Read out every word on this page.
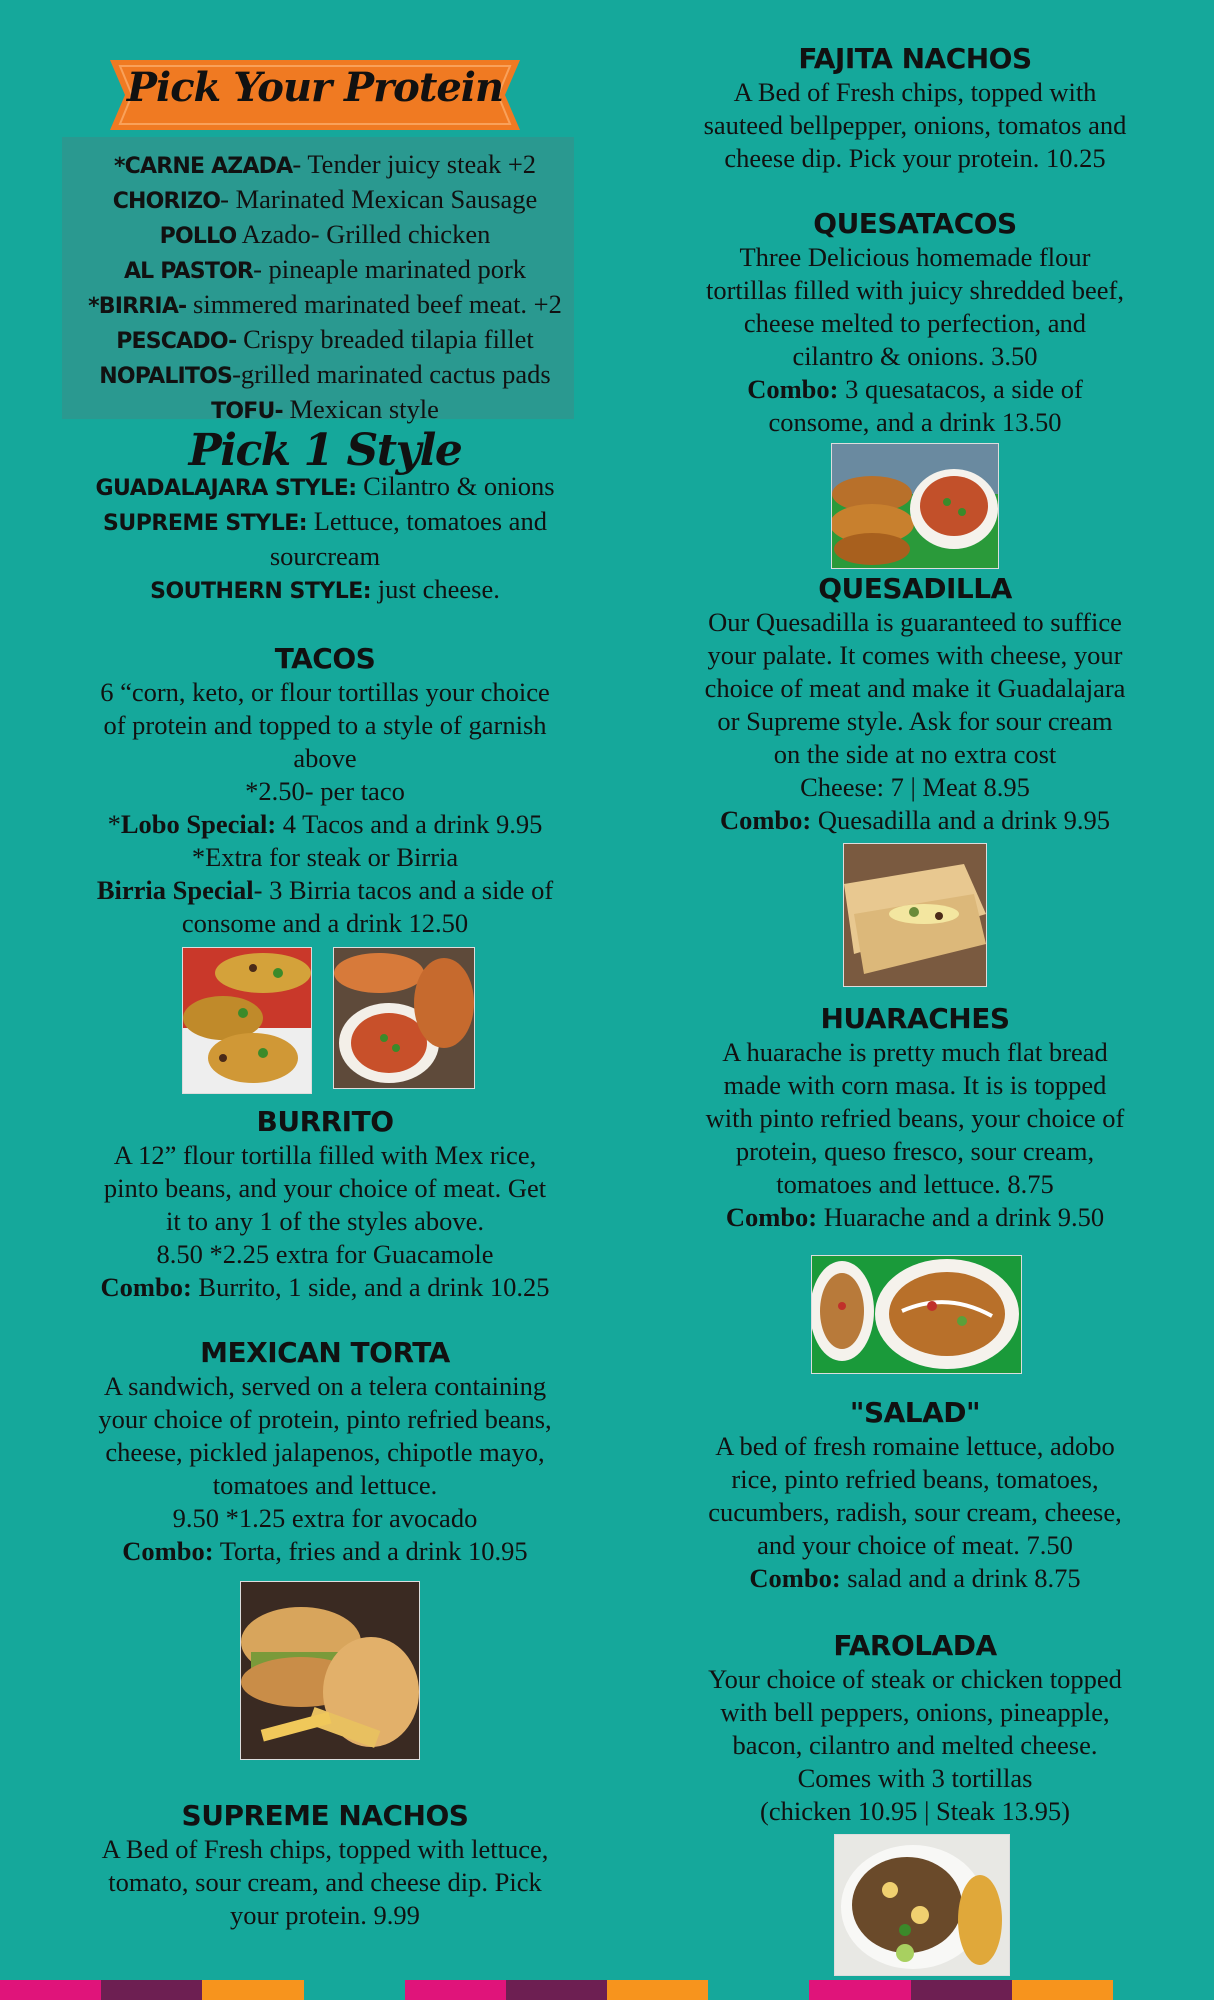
Pick Your Protein
*CARNE AZADA- Tender juicy steak +2
CHORIZO- Marinated Mexican Sausage
POLLO Azado- Grilled chicken
AL PASTOR- pineaple marinated pork
*BIRRIA- simmered marinated beef meat. +2
PESCADO- Crispy breaded tilapia fillet
NOPALITOS-grilled marinated cactus pads
TOFU- Mexican style
Pick 1 Style
GUADALAJARA STYLE: Cilantro & onions
SUPREME STYLE: Lettuce, tomatoes and
sourcream
SOUTHERN STYLE: just cheese.
TACOS
6 “corn, keto, or flour tortillas your choice
of protein and topped to a style of garnish
above
*2.50- per taco
*Lobo Special: 4 Tacos and a drink 9.95
*Extra for steak or Birria
Birria Special- 3 Birria tacos and a side of
consome and a drink 12.50
BURRITO
A 12” flour tortilla filled with Mex rice,
pinto beans, and your choice of meat. Get
it to any 1 of the styles above.
8.50 *2.25 extra for Guacamole
Combo: Burrito, 1 side, and a drink 10.25
MEXICAN TORTA
A sandwich, served on a telera containing
your choice of protein, pinto refried beans,
cheese, pickled jalapenos, chipotle mayo,
tomatoes and lettuce.
9.50 *1.25 extra for avocado
Combo: Torta, fries and a drink 10.95
SUPREME NACHOS
A Bed of Fresh chips, topped with lettuce,
tomato, sour cream, and cheese dip. Pick
your protein. 9.99
FAJITA NACHOS
A Bed of Fresh chips, topped with
sauteed bellpepper, onions, tomatos and
cheese dip. Pick your protein. 10.25
QUESATACOS
Three Delicious homemade flour
tortillas filled with juicy shredded beef,
cheese melted to perfection, and
cilantro & onions. 3.50
Combo: 3 quesatacos, a side of
consome, and a drink 13.50
QUESADILLA
Our Quesadilla is guaranteed to suffice
your palate. It comes with cheese, your
choice of meat and make it Guadalajara
or Supreme style. Ask for sour cream
on the side at no extra cost
Cheese: 7 | Meat 8.95
Combo: Quesadilla and a drink 9.95
HUARACHES
A huarache is pretty much flat bread
made with corn masa. It is is topped
with pinto refried beans, your choice of
protein, queso fresco, sour cream,
tomatoes and lettuce. 8.75
Combo: Huarache and a drink 9.50
"SALAD"
A bed of fresh romaine lettuce, adobo
rice, pinto refried beans, tomatoes,
cucumbers, radish, sour cream, cheese,
and your choice of meat. 7.50
Combo: salad and a drink 8.75
FAROLADA
Your choice of steak or chicken topped
with bell peppers, onions, pineapple,
bacon, cilantro and melted cheese.
Comes with 3 tortillas
(chicken 10.95 | Steak 13.95)
